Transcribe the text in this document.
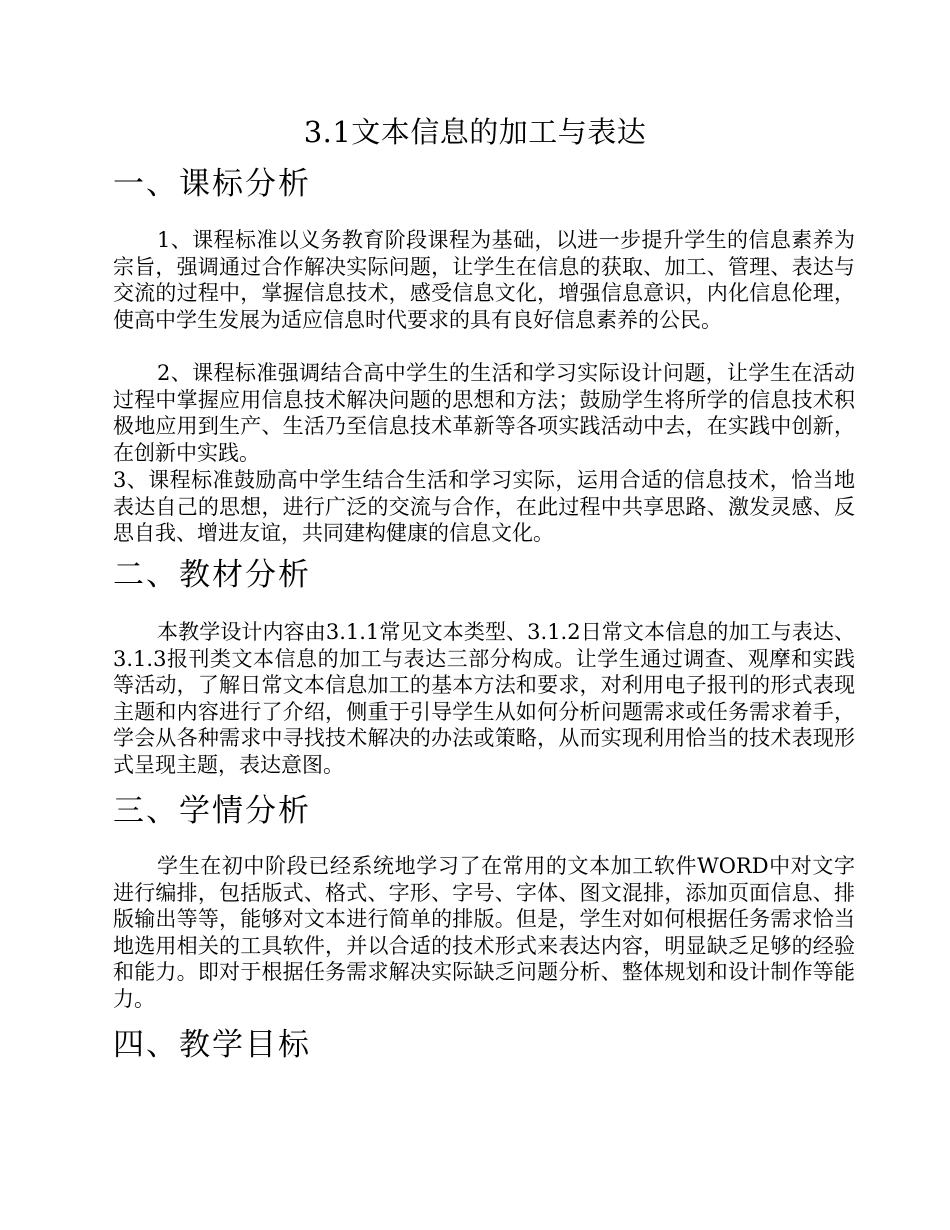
3.1文本信息的加工与表达
一、课标分析

1、课程标准以义务教育阶段课程为基础，以进一步提升学生的信息素养为宗旨，强调通过合作解决实际问题，让学生在信息的获取、加工、管理、表达与交流的过程中，掌握信息技术，感受信息文化，增强信息意识，内化信息伦理，使高中学生发展为适应信息时代要求的具有良好信息素养的公民。

2、课程标准强调结合高中学生的生活和学习实际设计问题，让学生在活动过程中掌握应用信息技术解决问题的思想和方法；鼓励学生将所学的信息技术积极地应用到生产、生活乃至信息技术革新等各项实践活动中去，在实践中创新，在创新中实践。

3、课程标准鼓励高中学生结合生活和学习实际，运用合适的信息技术，恰当地表达自己的思想，进行广泛的交流与合作，在此过程中共享思路、激发灵感、反思自我、增进友谊，共同建构健康的信息文化。

二、教材分析

本教学设计内容由3.1.1常见文本类型、3.1.2日常文本信息的加工与表达、3.1.3报刊类文本信息的加工与表达三部分构成。让学生通过调查、观摩和实践等活动，了解日常文本信息加工的基本方法和要求，对利用电子报刊的形式表现主题和内容进行了介绍，侧重于引导学生从如何分析问题需求或任务需求着手，学会从各种需求中寻找技术解决的办法或策略，从而实现利用恰当的技术表现形式呈现主题，表达意图。

三、学情分析

学生在初中阶段已经系统地学习了在常用的文本加工软件WORD中对文字进行编排，包括版式、格式、字形、字号、字体、图文混排，添加页面信息、排版输出等等，能够对文本进行简单的排版。但是，学生对如何根据任务需求恰当地选用相关的工具软件，并以合适的技术形式来表达内容，明显缺乏足够的经验和能力。即对于根据任务需求解决实际缺乏问题分析、整体规划和设计制作等能力。

四、教学目标
